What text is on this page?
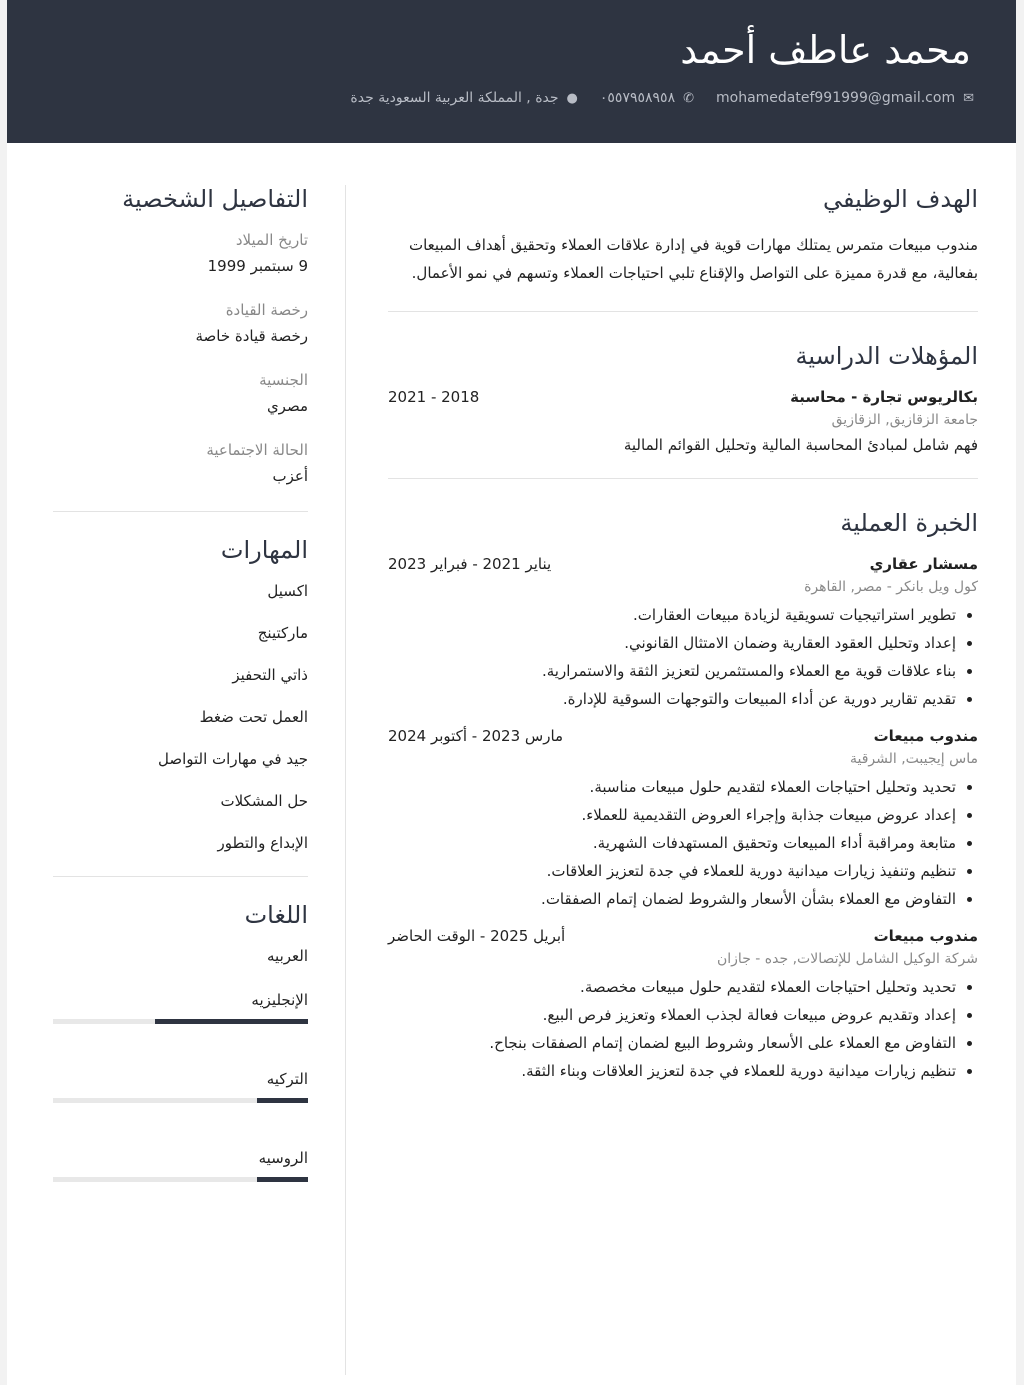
محمد عاطف أحمد
✉
mohamedatef991999@gmail.com
✆
٠٥٥٧٩٥٨٩٥٨
●
جدة , المملكة العربية السعودية جدة
الهدف الوظيفي

مندوب مبيعات متمرس يمتلك مهارات قوية في إدارة علاقات العملاء وتحقيق أهداف المبيعات بفعالية، مع قدرة مميزة على التواصل والإقناع تلبي احتياجات العملاء وتسهم في نمو الأعمال.

المؤهلات الدراسية
بكالريوس تجارة - محاسبة
2018 - 2021
جامعة الزقازيق, الزقازيق
فهم شامل لمبادئ المحاسبة المالية وتحليل القوائم المالية
الخبرة العملية
مسشار عقاري
يناير 2021 - فبراير 2023
كول ويل بانكر - مصر, القاهرة
• تطوير استراتيجيات تسويقية لزيادة مبيعات العقارات.
• إعداد وتحليل العقود العقارية وضمان الامتثال القانوني.
• بناء علاقات قوية مع العملاء والمستثمرين لتعزيز الثقة والاستمرارية.
• تقديم تقارير دورية عن أداء المبيعات والتوجهات السوقية للإدارة.
مندوب مبيعات
مارس 2023 - أكتوبر 2024
ماس إيجيبت, الشرقية
• تحديد وتحليل احتياجات العملاء لتقديم حلول مبيعات مناسبة.
• إعداد عروض مبيعات جذابة وإجراء العروض التقديمية للعملاء.
• متابعة ومراقبة أداء المبيعات وتحقيق المستهدفات الشهرية.
• تنظيم وتنفيذ زيارات ميدانية دورية للعملاء في جدة لتعزيز العلاقات.
• التفاوض مع العملاء بشأن الأسعار والشروط لضمان إتمام الصفقات.
مندوب مبيعات
أبريل 2025 - الوقت الحاضر
شركة الوكيل الشامل للإتصالات, جده - جازان
• تحديد وتحليل احتياجات العملاء لتقديم حلول مبيعات مخصصة.
• إعداد وتقديم عروض مبيعات فعالة لجذب العملاء وتعزيز فرص البيع.
• التفاوض مع العملاء على الأسعار وشروط البيع لضمان إتمام الصفقات بنجاح.
• تنظيم زيارات ميدانية دورية للعملاء في جدة لتعزيز العلاقات وبناء الثقة.
التفاصيل الشخصية
تاريخ الميلاد
9 سبتمبر 1999
رخصة القيادة
رخصة قيادة خاصة
الجنسية
مصري
الحالة الاجتماعية
أعزب
المهارات
اكسيل
ماركتينج
ذاتي التحفيز
العمل تحت ضغط
جيد في مهارات التواصل
حل المشكلات
الإبداع والتطور
اللغات
العربيه
الإنجليزيه
التركيه
الروسيه
